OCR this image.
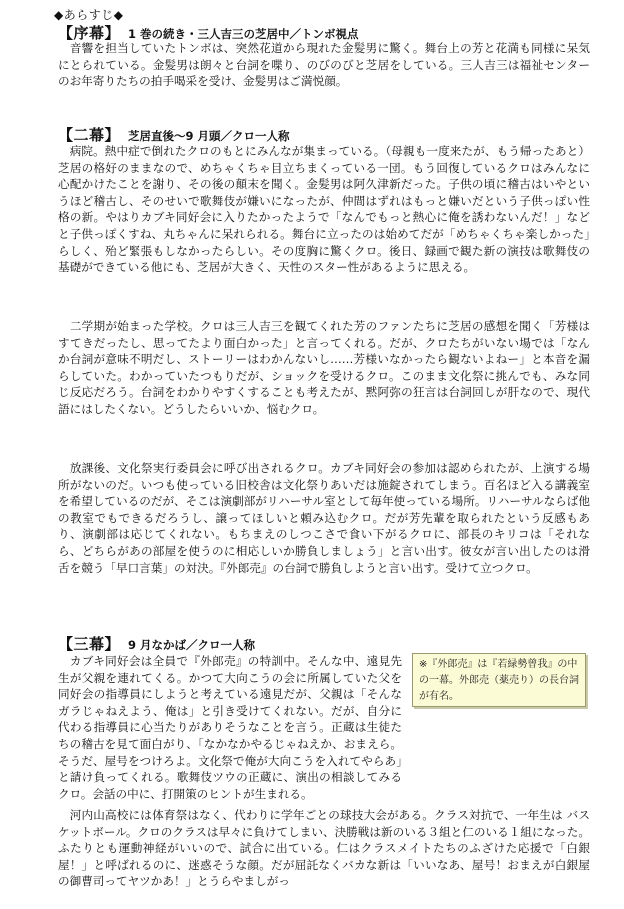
◆あらすじ◆
【序幕】 1 巻の続き・三人吉三の芝居中／トンボ視点
　音響を担当していたトンボは、突然花道から現れた金髪男に驚く。舞台上の芳と花満も同様に呆気にとられている。金髪男は朗々と台詞を喋り、のびのびと芝居をしている。三人吉三は福祉センターのお年寄りたちの拍手喝采を受け、金髪男はご満悦顔。
【二幕】 芝居直後～9 月頭／クロ一人称
　病院。熱中症で倒れたクロのもとにみんなが集まっている。（母親も一度来たが、もう帰ったあと）芝居の格好のままなので、めちゃくちゃ目立ちまくっている一団。もう回復しているクロはみんなに心配かけたことを謝り、その後の顛末を聞く。金髪男は阿久津新だった。子供の頃に稽古はいやというほど稽古し、そのせいで歌舞伎が嫌いになったが、仲間はずれはもっと嫌いだという子供っぽい性格の新。やはりカブキ同好会に入りたかったようで「なんでもっと熱心に俺を誘わないんだ！」などと子供っぽくすね、丸ちゃんに呆れられる。舞台に立ったのは始めてだが「めちゃくちゃ楽しかった」らしく、殆ど緊張もしなかったらしい。その度胸に驚くクロ。後日、録画で観た新の演技は歌舞伎の基礎ができている他にも、芝居が大きく、天性のスター性があるように思える。
　二学期が始まった学校。クロは三人吉三を観てくれた芳のファンたちに芝居の感想を聞く「芳様はすてきだったし、思ってたより面白かった」と言ってくれる。だが、クロたちがいない場では「なんか台詞が意味不明だし、ストーリーはわかんないし……芳様いなかったら観ないよねー」と本音を漏らしていた。わかっていたつもりだが、ショックを受けるクロ。このまま文化祭に挑んでも、みな同じ反応だろう。台詞をわかりやすくすることも考えたが、黙阿弥の狂言は台詞回しが肝なので、現代語にはしたくない。どうしたらいいか、悩むクロ。
　放課後、文化祭実行委員会に呼び出されるクロ。カブキ同好会の参加は認められたが、上演する場所がないのだ。いつも使っている旧校舎は文化祭りあいだは施錠されてしまう。百名ほど入る講義室を希望しているのだが、そこは演劇部がリハーサル室として毎年使っている場所。リハーサルならば他の教室でもできるだろうし、譲ってほしいと頼み込むクロ。だが芳先輩を取られたという反感もあり、演劇部は応じてくれない。もちまえのしつこさで食い下がるクロに、部長のキリコは「それなら、どちらがあの部屋を使うのに相応しいか勝負しましょう」と言い出す。彼女が言い出したのは滑舌を競う「早口言葉」の対決。『外郎売』の台詞で勝負しようと言い出す。受けて立つクロ。
【三幕】 9 月なかば／クロ一人称
※『外郎売』は『若緑勢曾我』の中の一幕。外郎売（薬売り）の長台詞が有名。
　カブキ同好会は全員で『外郎売』の特訓中。そんな中、遠見先生が父親を連れてくる。かつて大向こうの会に所属していた父を同好会の指導員にしようと考えている遠見だが、父親は「そんなガラじゃねえよう、俺は」と引き受けてくれない。だが、自分に代わる指導員に心当たりがありそうなことを言う。正蔵は生徒たちの稽古を見て面白がり、「なかなかやるじゃねえか、おまえら。そうだ、屋号をつけろよ。文化祭で俺が大向こうを入れてやらあ」と請け負ってくれる。歌舞伎ツウの正蔵に、演出の相談してみるクロ。会話の中に、打開策のヒントが生まれる。
　河内山高校には体育祭はなく、代わりに学年ごとの球技大会がある。クラス対抗で、一年生は バスケットボール。クロのクラスは早々に負けてしまい、決勝戦は新のいる３組と仁のいる１組になった。ふたりとも運動神経がいいので、試合に出ている。仁はクラスメイトたちのふざけた応援で「白銀屋！」と呼ばれるのに、迷惑そうな顔。だが屈託なくバカな新は「いいなあ、屋号！おまえが白銀屋の御曹司ってヤツかあ！」とうらやましがっ
